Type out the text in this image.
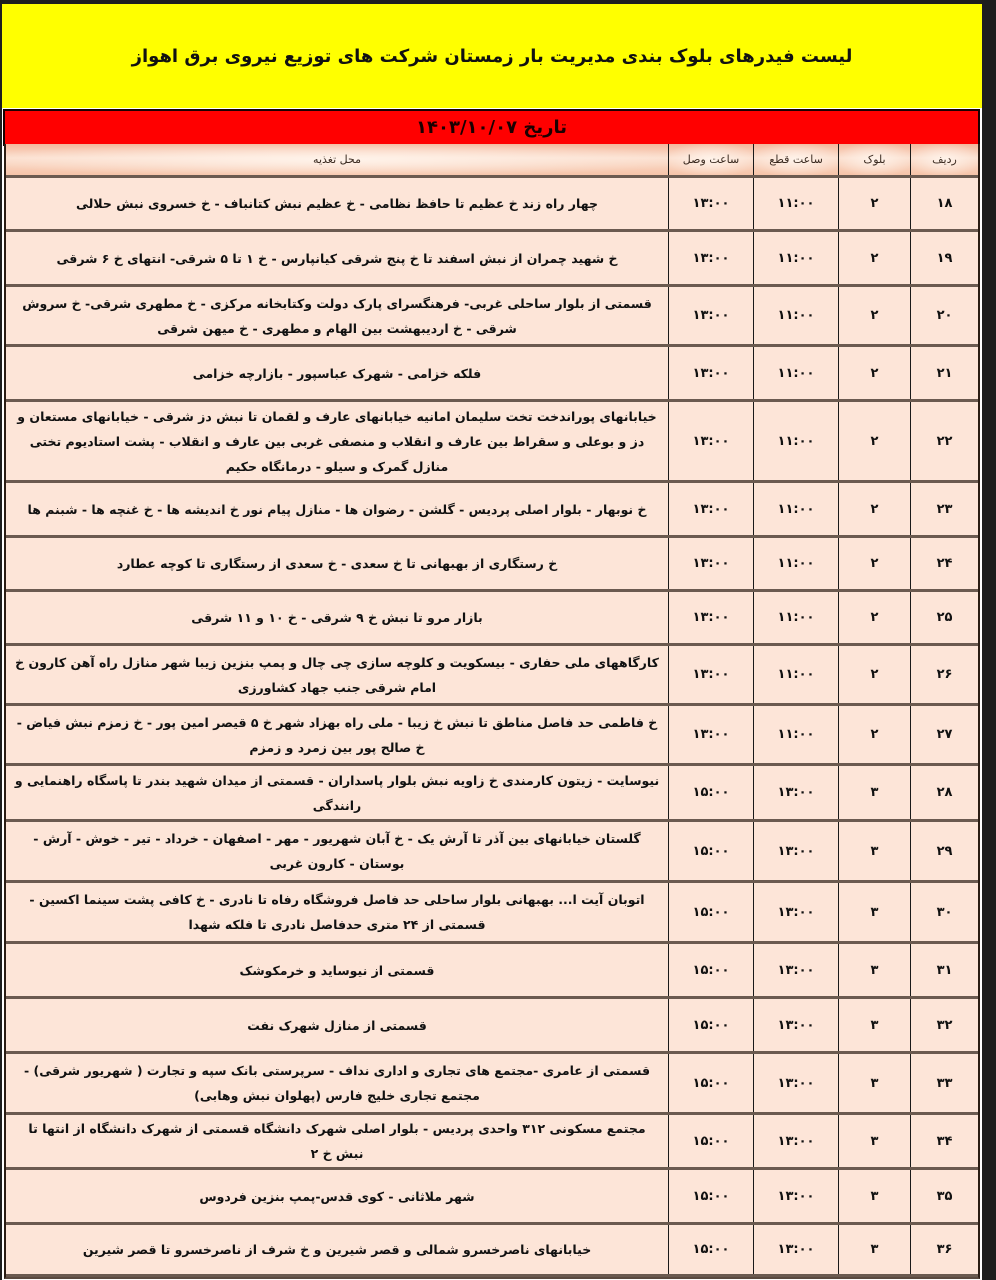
لیست فیدرهای بلوک بندی مدیریت بار زمستان شرکت های توزیع نیروی برق اهواز
تاریخ ۱۴۰۳/۱۰/۰۷
ردیف
بلوک
ساعت قطع
ساعت وصل
محل تغذیه
۱۸
۲
۱۱:۰۰
۱۳:۰۰
چهار راه زند خ عظیم تا حافظ نظامی - خ عظیم نبش کتانباف - خ خسروی نبش حلالی
۱۹
۲
۱۱:۰۰
۱۳:۰۰
خ شهید چمران از نبش اسفند تا خ پنج شرقی کیانپارس - خ ۱ تا ۵ شرقی- انتهای خ ۶ شرقی
۲۰
۲
۱۱:۰۰
۱۳:۰۰
قسمتی از بلوار ساحلی غربی- فرهنگسرای پارک دولت وکتابخانه مرکزی - خ مطهری شرقی- خ سروش شرقی - خ اردیبهشت بین الهام و مطهری - خ میهن شرقی
۲۱
۲
۱۱:۰۰
۱۳:۰۰
فلکه خزامی - شهرک عباسپور - بازارچه خزامی
۲۲
۲
۱۱:۰۰
۱۳:۰۰
خیابانهای پوراندخت تخت سلیمان امانیه خیابانهای عارف و لقمان تا نبش دز شرقی - خیابانهای مستعان و دز و بوعلی و سقراط بین عارف و انقلاب و منصفی غربی بین عارف و انقلاب - پشت استادیوم تختی منازل گمرک و سیلو - درمانگاه حکیم
۲۳
۲
۱۱:۰۰
۱۳:۰۰
خ نوبهار - بلوار اصلی پردیس - گلشن - رضوان ها - منازل پیام نور خ اندیشه ها - خ غنچه ها - شبنم ها
۲۴
۲
۱۱:۰۰
۱۳:۰۰
خ رستگاری از بهبهانی تا خ سعدی - خ سعدی از رستگاری تا کوچه عطارد
۲۵
۲
۱۱:۰۰
۱۳:۰۰
بازار مرو تا نبش خ ۹ شرقی - خ ۱۰ و ۱۱ شرقی
۲۶
۲
۱۱:۰۰
۱۳:۰۰
کارگاههای ملی حفاری - بیسکویت و کلوچه سازی چی چال و پمپ بنزین زیبا شهر منازل راه آهن کارون خ امام شرقی جنب جهاد کشاورزی
۲۷
۲
۱۱:۰۰
۱۳:۰۰
خ فاطمی حد فاصل مناطق تا نبش خ زیبا - ملی راه بهزاد شهر خ ۵ قیصر امین پور - خ زمزم نبش فیاض - خ صالح پور بین زمرد و زمزم
۲۸
۳
۱۳:۰۰
۱۵:۰۰
نیوسایت - زیتون کارمندی خ زاویه نبش بلوار پاسداران - قسمتی از میدان شهید بندر تا پاسگاه راهنمایی و رانندگی
۲۹
۳
۱۳:۰۰
۱۵:۰۰
گلستان خیابانهای بین آذر تا آرش یک - خ آبان شهریور - مهر - اصفهان - خرداد - تیر - خوش - آرش - بوستان - کارون غربی
۳۰
۳
۱۳:۰۰
۱۵:۰۰
اتوبان آیت ا... بهبهانی بلوار ساحلی حد فاصل فروشگاه رفاه تا نادری - خ کافی پشت سینما اکسین - قسمتی از ۲۴ متری حدفاصل نادری تا فلکه شهدا
۳۱
۳
۱۳:۰۰
۱۵:۰۰
قسمتی از نیوساید و خرمکوشک
۳۲
۳
۱۳:۰۰
۱۵:۰۰
قسمتی از منازل شهرک نفت
۳۳
۳
۱۳:۰۰
۱۵:۰۰
قسمتی از عامری -مجتمع های تجاری و اداری نداف - سرپرستی بانک سپه و تجارت ( شهریور شرقی) - مجتمع تجاری خلیج فارس (پهلوان نبش وهابی)
۳۴
۳
۱۳:۰۰
۱۵:۰۰
مجتمع مسکونی ۳۱۲ واحدی پردیس - بلوار اصلی شهرک دانشگاه قسمتی از شهرک دانشگاه از انتها تا نبش خ ۲
۳۵
۳
۱۳:۰۰
۱۵:۰۰
شهر ملاثانی - کوی قدس-پمپ بنزین فردوس
۳۶
۳
۱۳:۰۰
۱۵:۰۰
خیابانهای ناصرخسرو شمالی و قصر شیرین و خ شرف از ناصرخسرو تا قصر شیرین
